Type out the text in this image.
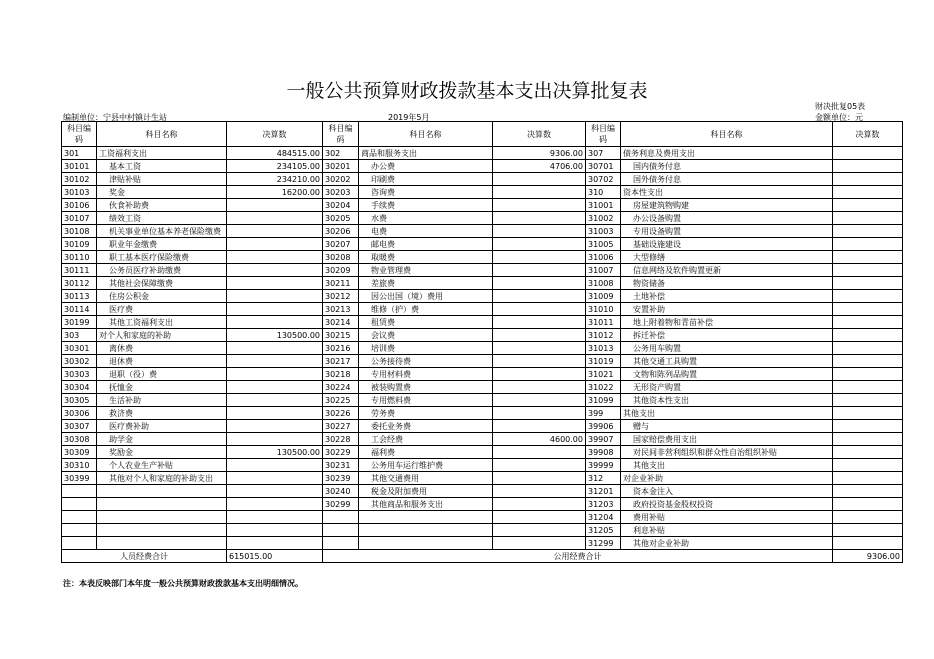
一般公共预算财政拨款基本支出决算批复表
财决批复05表
编制单位：宁县中村镇计生站	2019年5月	金额单位：元
科目编码	科目名称	决算数	科目编码	科目名称	决算数	科目编码	科目名称	决算数
301	工资福利支出	484515.00	302	商品和服务支出	9306.00	307	债务利息及费用支出	
30101	基本工资	234105.00	30201	办公费	4706.00	30701	国内债务付息	
30102	津贴补贴	234210.00	30202	印刷费		30702	国外债务付息	
30103	奖金	16200.00	30203	咨询费		310	资本性支出	
30106	伙食补助费		30204	手续费		31001	房屋建筑物购建	
30107	绩效工资		30205	水费		31002	办公设备购置	
30108	机关事业单位基本养老保险缴费		30206	电费		31003	专用设备购置	
30109	职业年金缴费		30207	邮电费		31005	基础设施建设	
30110	职工基本医疗保险缴费		30208	取暖费		31006	大型修缮	
30111	公务员医疗补助缴费		30209	物业管理费		31007	信息网络及软件购置更新	
30112	其他社会保障缴费		30211	差旅费		31008	物资储备	
30113	住房公积金		30212	因公出国（境）费用		31009	土地补偿	
30114	医疗费		30213	维修（护）费		31010	安置补助	
30199	其他工资福利支出		30214	租赁费		31011	地上附着物和青苗补偿	
303	对个人和家庭的补助	130500.00	30215	会议费		31012	拆迁补偿	
30301	离休费		30216	培训费		31013	公务用车购置	
30302	退休费		30217	公务接待费		31019	其他交通工具购置	
30303	退职（役）费		30218	专用材料费		31021	文物和陈列品购置	
30304	抚恤金		30224	被装购置费		31022	无形资产购置	
30305	生活补助		30225	专用燃料费		31099	其他资本性支出	
30306	救济费		30226	劳务费		399	其他支出	
30307	医疗费补助		30227	委托业务费		39906	赠与	
30308	助学金		30228	工会经费	4600.00	39907	国家赔偿费用支出	
30309	奖励金	130500.00	30229	福利费		39908	对民间非营利组织和群众性自治组织补贴	
30310	个人农业生产补贴		30231	公务用车运行维护费		39999	其他支出	
30399	其他对个人和家庭的补助支出		30239	其他交通费用		312	对企业补助	
			30240	税金及附加费用		31201	资本金注入	
			30299	其他商品和服务支出		31203	政府投资基金股权投资	
						31204	费用补贴	
						31205	利息补贴	
						31299	其他对企业补助	
人员经费合计		615015.00	公用经费合计					9306.00
注：本表反映部门本年度一般公共预算财政拨款基本支出明细情况。
